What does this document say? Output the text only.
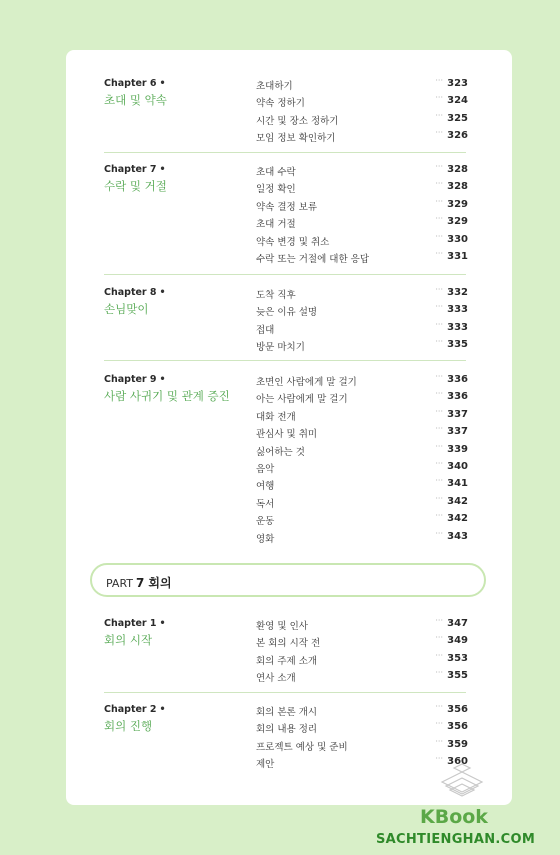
Chapter 6 •
초대 및 약속
초대하기
··· 323
약속 정하기
··· 324
시간 및 장소 정하기
··· 325
모임 정보 확인하기
··· 326
Chapter 7 •
수락 및 거절
초대 수락
··· 328
일정 확인
··· 328
약속 결정 보류
··· 329
초대 거절
··· 329
약속 변경 및 취소
··· 330
수락 또는 거절에 대한 응답
··· 331
Chapter 8 •
손님맞이
도착 직후
··· 332
늦은 이유 설명
··· 333
접대
··· 333
방문 마치기
··· 335
Chapter 9 •
사람 사귀기 및 관계 증진
초면인 사람에게 말 걸기
··· 336
아는 사람에게 말 걸기
··· 336
대화 전개
··· 337
관심사 및 취미
··· 337
싫어하는 것
··· 339
음악
··· 340
여행
··· 341
독서
··· 342
운동
··· 342
영화
··· 343
Chapter 1 •
회의 시작
환영 및 인사
··· 347
본 회의 시작 전
··· 349
회의 주제 소개
··· 353
연사 소개
··· 355
Chapter 2 •
회의 진행
회의 본론 개시
··· 356
회의 내용 정리
··· 356
프로젝트 예상 및 준비
··· 359
제안
··· 360
PART 7 회의
KBook
SACHTIENGHAN.COM
